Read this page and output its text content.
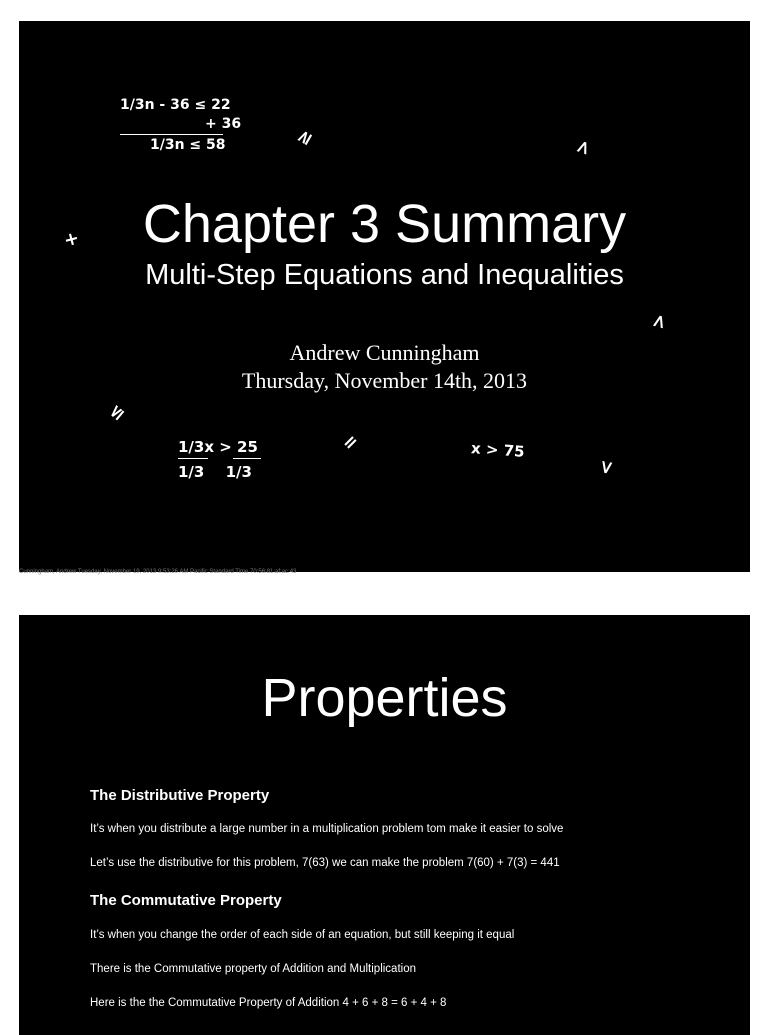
1/3n - 36 ≤ 22
+ 36
1/3n ≤ 58	≥	>
+
>
≤
=
<
Chapter 3 Summary
Multi-Step Equations and Inequalities
Andrew Cunningham
Thursday, November 14th, 2013
1/3x > 25
1/3 1/3
x > 75
Cunningham, Andrew Tuesday, November 19, 2013 9:53:26 AM Pacific Standard Time 70:56:81:af:ac:43
Properties
The Distributive Property
It’s when you distribute a large number in a multiplication problem tom make it easier to solve
Let’s use the distributive for this problem, 7(63) we can make the problem 7(60) + 7(3) = 441
The Commutative Property
It’s when you change the order of each side of an equation, but still keeping it equal
There is the Commutative property of Addition and Multiplication
Here is the the Commutative Property of Addition 4 + 6 + 8 = 6 + 4 + 8
